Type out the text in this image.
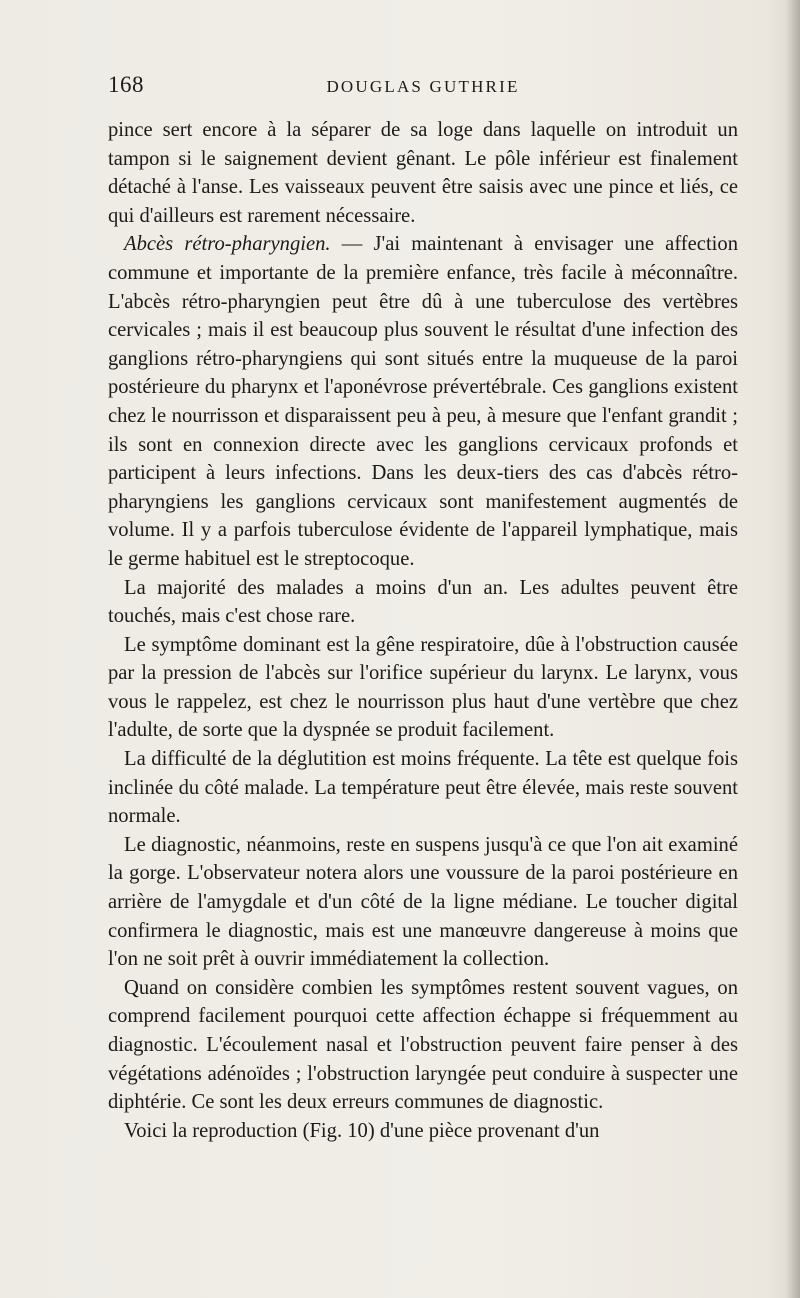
168	DOUGLAS GUTHRIE

pince sert encore à la séparer de sa loge dans laquelle on introduit un tampon si le saignement devient gênant. Le pôle inférieur est finalement détaché à l'anse. Les vaisseaux peuvent être saisis avec une pince et liés, ce qui d'ailleurs est rarement nécessaire.

Abcès rétro-pharyngien. — J'ai maintenant à envisager une affection commune et importante de la première enfance, très facile à méconnaître. L'abcès rétro-pharyngien peut être dû à une tuberculose des vertèbres cervicales ; mais il est beaucoup plus souvent le résultat d'une infection des ganglions rétro-pharyngiens qui sont situés entre la muqueuse de la paroi postérieure du pharynx et l'aponévrose prévertébrale. Ces ganglions existent chez le nourrisson et disparaissent peu à peu, à mesure que l'enfant grandit ; ils sont en connexion directe avec les ganglions cervicaux profonds et participent à leurs infections. Dans les deux-tiers des cas d'abcès rétro-pharyngiens les ganglions cervicaux sont manifestement augmentés de volume. Il y a parfois tuberculose évidente de l'appareil lymphatique, mais le germe habituel est le streptocoque.

La majorité des malades a moins d'un an. Les adultes peuvent être touchés, mais c'est chose rare.

Le symptôme dominant est la gêne respiratoire, dûe à l'obstruction causée par la pression de l'abcès sur l'orifice supérieur du larynx. Le larynx, vous vous le rappelez, est chez le nourrisson plus haut d'une vertèbre que chez l'adulte, de sorte que la dyspnée se produit facilement.

La difficulté de la déglutition est moins fréquente. La tête est quelque fois inclinée du côté malade. La température peut être élevée, mais reste souvent normale.

Le diagnostic, néanmoins, reste en suspens jusqu'à ce que l'on ait examiné la gorge. L'observateur notera alors une voussure de la paroi postérieure en arrière de l'amygdale et d'un côté de la ligne médiane. Le toucher digital confirmera le diagnostic, mais est une manœuvre dangereuse à moins que l'on ne soit prêt à ouvrir immédiatement la collection.

Quand on considère combien les symptômes restent souvent vagues, on comprend facilement pourquoi cette affection échappe si fréquemment au diagnostic. L'écoulement nasal et l'obstruction peuvent faire penser à des végétations adénoïdes ; l'obstruction laryngée peut conduire à suspecter une diphtérie. Ce sont les deux erreurs communes de diagnostic.

Voici la reproduction (Fig. 10) d'une pièce provenant d'un
